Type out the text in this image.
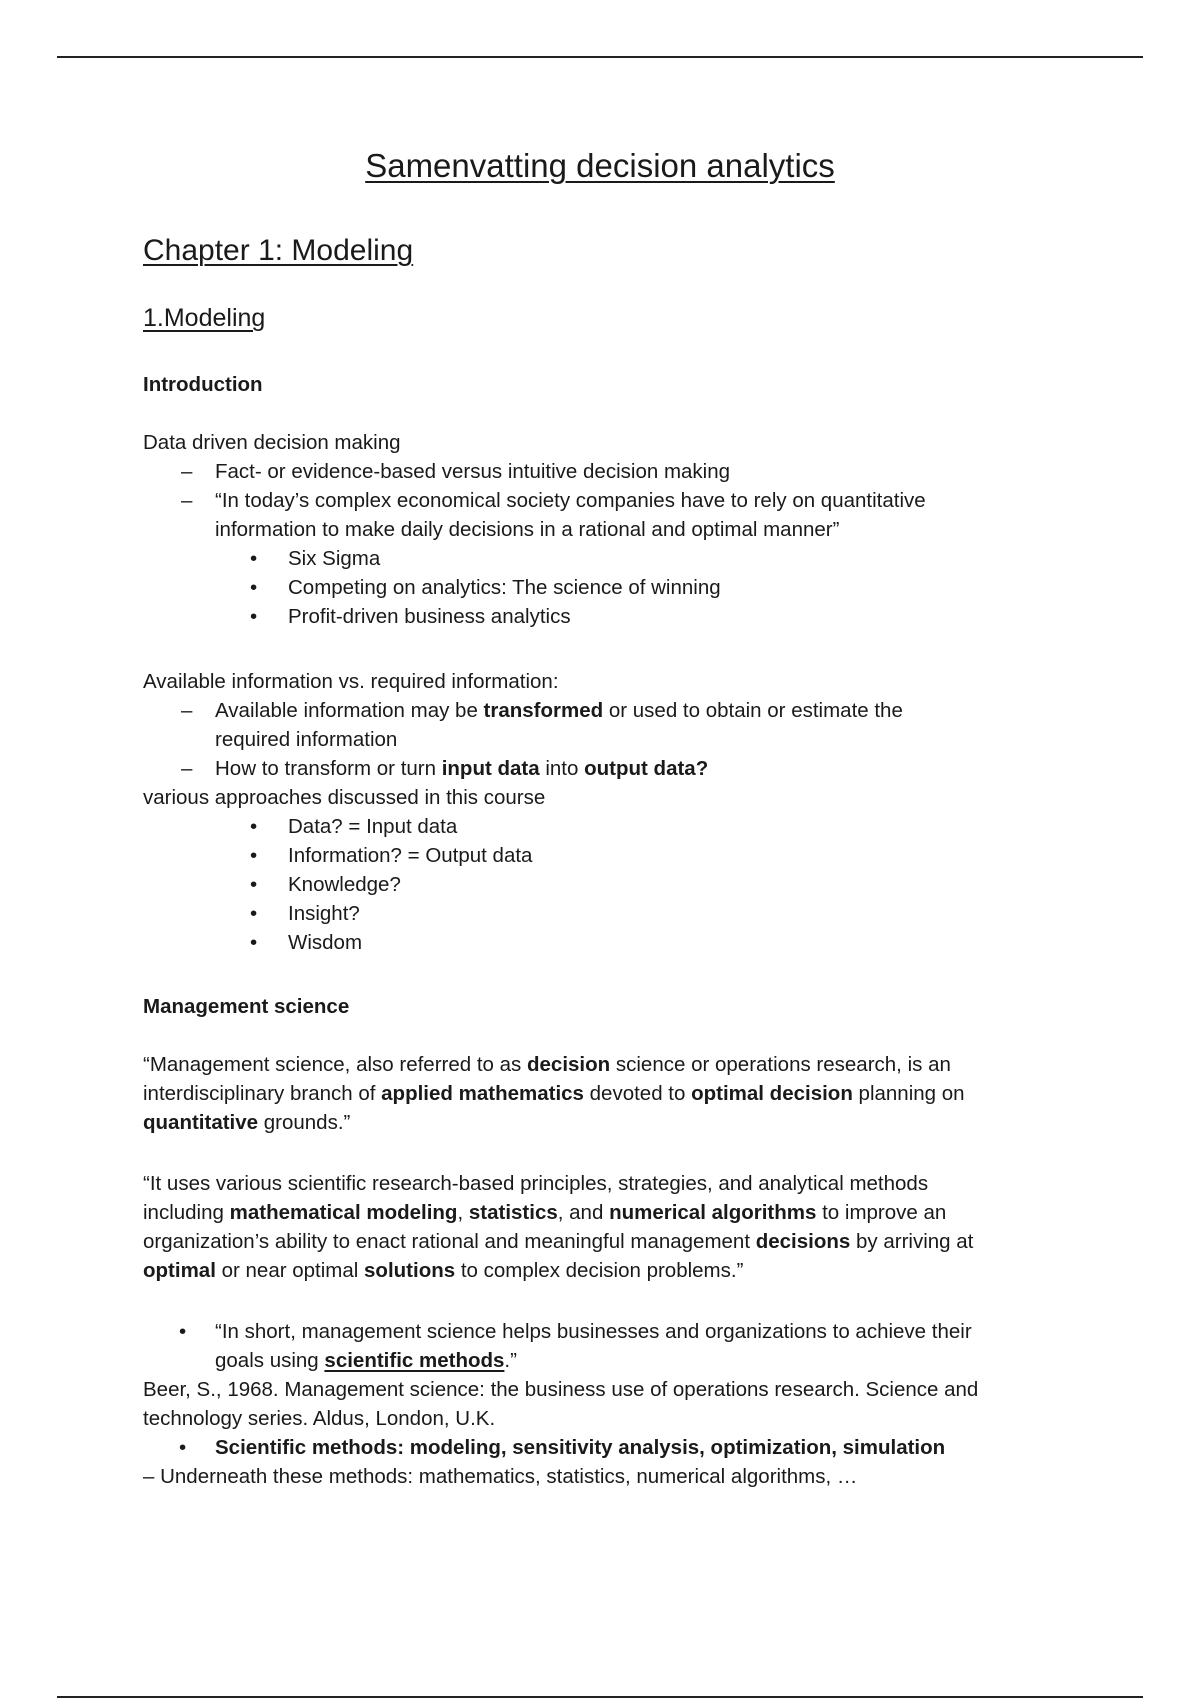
Samenvatting decision analytics
Chapter 1: Modeling
1.Modeling
Introduction
Data driven decision making
–	Fact- or evidence-based versus intuitive decision making
–	“In today’s complex economical society companies have to rely on quantitative
information to make daily decisions in a rational and optimal manner”
• Six Sigma
• Competing on analytics: The science of winning
• Profit-driven business analytics
Available information vs. required information:
–	Available information may be transformed or used to obtain or estimate the
required information
–	How to transform or turn input data into output data?
various approaches discussed in this course
• Data? = Input data
• Information? = Output data
• Knowledge?
• Insight?
• Wisdom
Management science
“Management science, also referred to as decision science or operations research, is an
interdisciplinary branch of applied mathematics devoted to optimal decision planning on
quantitative grounds.”
“It uses various scientific research-based principles, strategies, and analytical methods
including mathematical modeling, statistics, and numerical algorithms to improve an
organization’s ability to enact rational and meaningful management decisions by arriving at
optimal or near optimal solutions to complex decision problems.”
• “In short, management science helps businesses and organizations to achieve their
goals using scientific methods.”
Beer, S., 1968. Management science: the business use of operations research. Science and
technology series. Aldus, London, U.K.
• Scientific methods: modeling, sensitivity analysis, optimization, simulation
– Underneath these methods: mathematics, statistics, numerical algorithms, …
